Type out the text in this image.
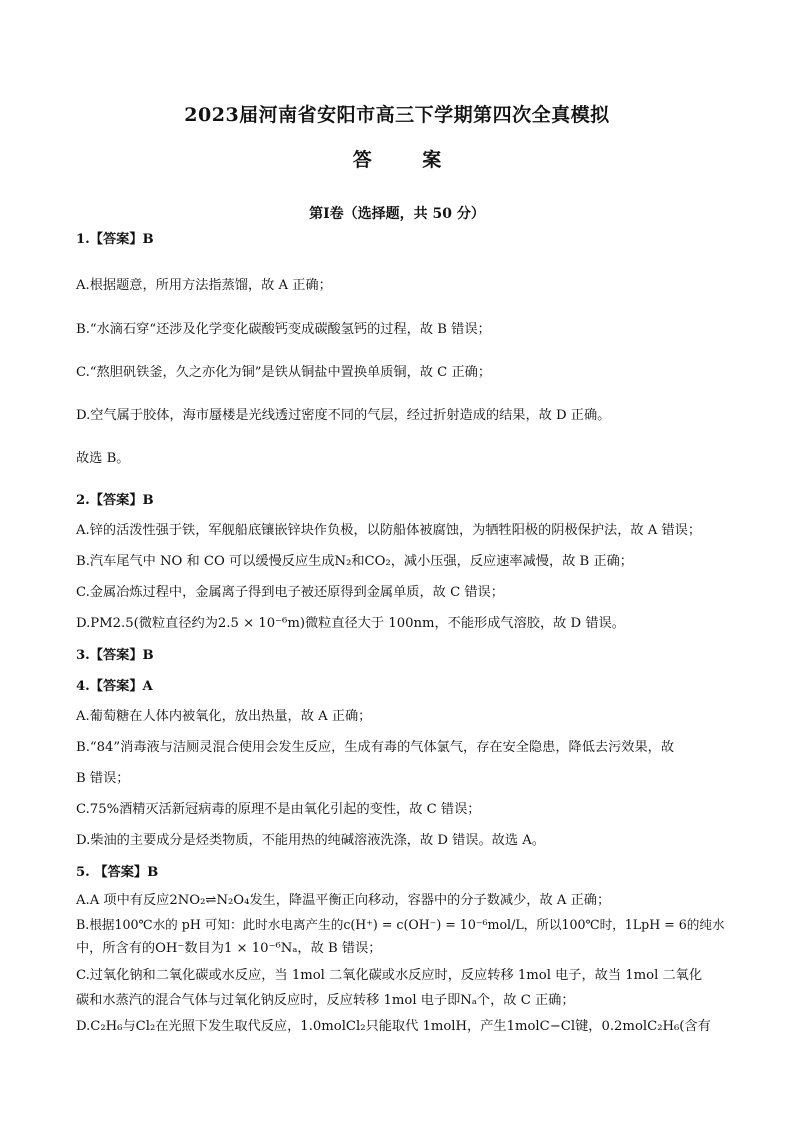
2023届河南省安阳市高三下学期第四次全真模拟
答 案
第Ⅰ卷（选择题，共 50 分）
1.【答案】B
A.根据题意，所用方法指蒸馏，故 A 正确；
B.“水滴石穿“还涉及化学变化碳酸钙变成碳酸氢钙的过程，故 B 错误；
C.“熬胆矾铁釜，久之亦化为铜”是铁从铜盐中置换单质铜，故 C 正确；
D.空气属于胶体，海市蜃楼是光线透过密度不同的气层，经过折射造成的结果，故 D 正确。
故选 B。
2.【答案】B
A.锌的活泼性强于铁，军舰船底镶嵌锌块作负极，以防船体被腐蚀，为牺牲阳极的阴极保护法，故 A 错误；
B.汽车尾气中 NO 和 CO 可以缓慢反应生成N₂和CO₂，减小压强，反应速率减慢，故 B 正确；
C.金属冶炼过程中，金属离子得到电子被还原得到金属单质，故 C 错误；
D.PM2.5(微粒直径约为2.5 × 10⁻⁶m)微粒直径大于 100nm，不能形成气溶胶，故 D 错误。
3.【答案】B
4.【答案】A
A.葡萄糖在人体内被氧化，放出热量，故 A 正确；
B.“84”消毒液与洁厕灵混合使用会发生反应，生成有毒的气体氯气，存在安全隐患，降低去污效果，故
B 错误；
C.75%酒精灭活新冠病毒的原理不是由氧化引起的变性，故 C 错误；
D.柴油的主要成分是烃类物质，不能用热的纯碱溶液洗涤，故 D 错误。故选 A。
5. 【答案】B
A.A 项中有反应2NO₂⇌N₂O₄发生，降温平衡正向移动，容器中的分子数减少，故 A 正确；
B.根据100℃水的 pH 可知：此时水电离产生的c(H⁺) = c(OH⁻) = 10⁻⁶mol/L，所以100℃时，1LpH = 6的纯水
中，所含有的OH⁻数目为1 × 10⁻⁶Nₐ，故 B 错误；
C.过氧化钠和二氧化碳或水反应，当 1mol 二氧化碳或水反应时，反应转移 1mol 电子，故当 1mol 二氧化
碳和水蒸汽的混合气体与过氧化钠反应时，反应转移 1mol 电子即Nₐ个，故 C 正确；
D.C₂H₆与Cl₂在光照下发生取代反应，1.0molCl₂只能取代 1molH，产生1molC−Cl键，0.2molC₂H₆(含有
